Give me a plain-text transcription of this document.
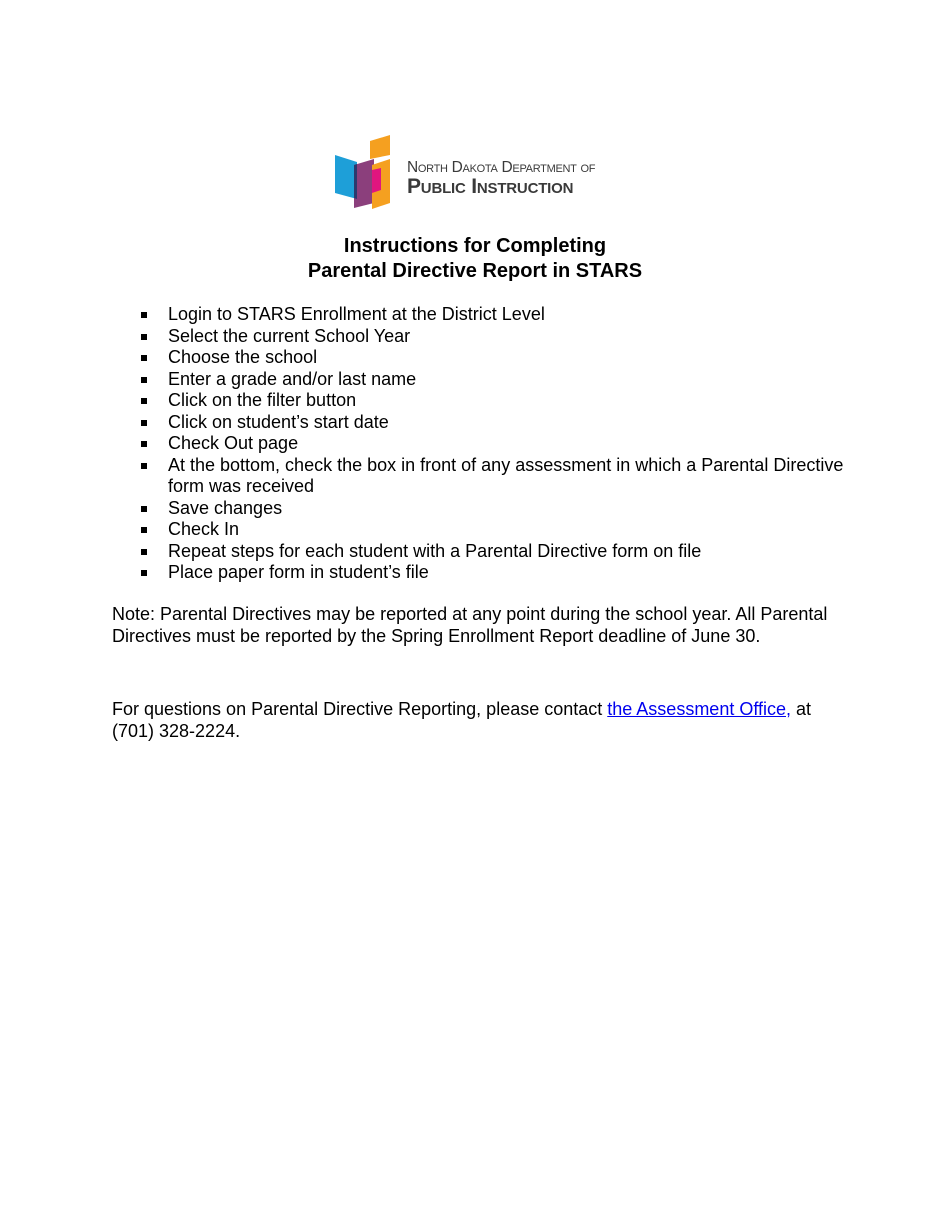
North Dakota Department of
Public Instruction
Instructions for Completing
Parental Directive Report in STARS
Login to STARS Enrollment at the District Level
Select the current School Year
Choose the school
Enter a grade and/or last name
Click on the filter button
Click on student’s start date
Check Out page
At the bottom, check the box in front of any assessment in which a Parental Directive form was received
Save changes
Check In
Repeat steps for each student with a Parental Directive form on file
Place paper form in student’s file

Note: Parental Directives may be reported at any point during the school year. All Parental Directives must be reported by the Spring Enrollment Report deadline of June 30.

For questions on Parental Directive Reporting, please contact the Assessment Office, at (701) 328-2224.
